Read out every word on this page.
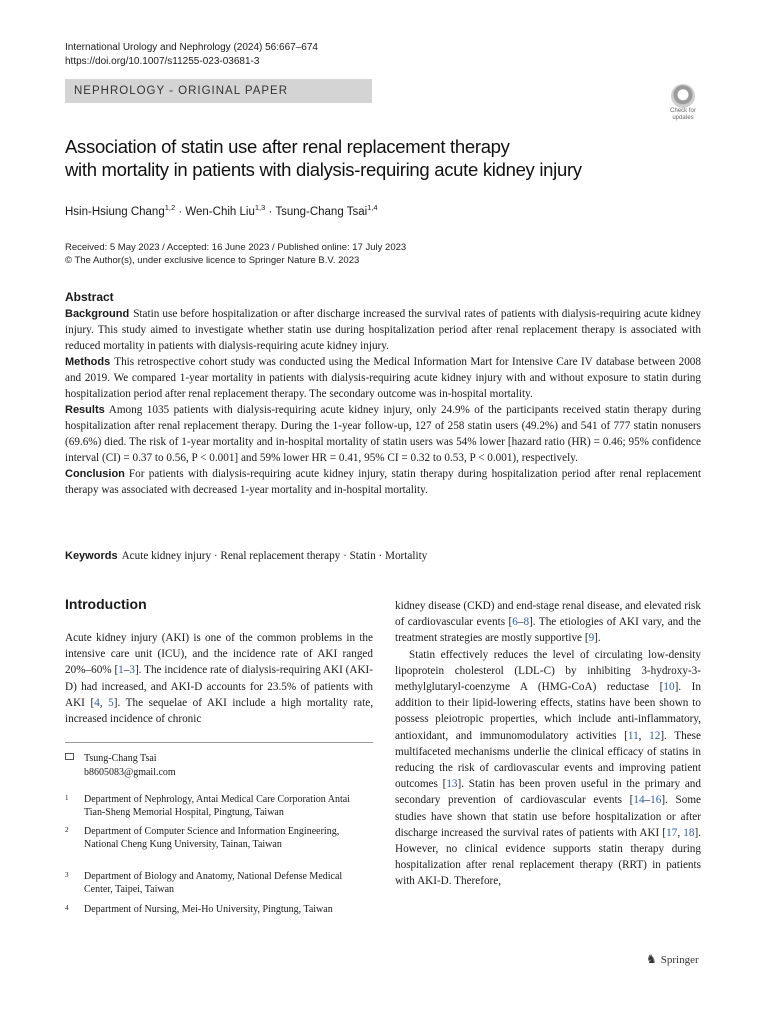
International Urology and Nephrology (2024) 56:667–674
https://doi.org/10.1007/s11255-023-03681-3
NEPHROLOGY - ORIGINAL PAPER
Check for
updates
Association of statin use after renal replacement therapy
with mortality in patients with dialysis-requiring acute kidney injury
Hsin-Hsiung Chang$^{1,2}$ · Wen-Chih Liu$^{1,3}$ · Tsung-Chang Tsai$^{1,4}$
Received: 5 May 2023 / Accepted: 16 June 2023 / Published online: 17 July 2023
© The Author(s), under exclusive licence to Springer Nature B.V. 2023
Abstract

Background Statin use before hospitalization or after discharge increased the survival rates of patients with dialysis-requiring acute kidney injury. This study aimed to investigate whether statin use during hospitalization period after renal replacement therapy is associated with reduced mortality in patients with dialysis-requiring acute kidney injury.

Methods This retrospective cohort study was conducted using the Medical Information Mart for Intensive Care IV database between 2008 and 2019. We compared 1-year mortality in patients with dialysis-requiring acute kidney injury with and without exposure to statin during hospitalization period after renal replacement therapy. The secondary outcome was in-hospital mortality.

Results Among 1035 patients with dialysis-requiring acute kidney injury, only 24.9% of the participants received statin therapy during hospitalization after renal replacement therapy. During the 1-year follow-up, 127 of 258 statin users (49.2%) and 541 of 777 statin nonusers (69.6%) died. The risk of 1-year mortality and in-hospital mortality of statin users was 54% lower [hazard ratio (HR) = 0.46; 95% confidence interval (CI) = 0.37 to 0.56, P < 0.001] and 59% lower HR = 0.41, 95% CI = 0.32 to 0.53, P < 0.001), respectively.

Conclusion For patients with dialysis-requiring acute kidney injury, statin therapy during hospitalization period after renal replacement therapy was associated with decreased 1-year mortality and in-hospital mortality.

Keywords Acute kidney injury · Renal replacement therapy · Statin · Mortality
Introduction

Acute kidney injury (AKI) is one of the common problems in the intensive care unit (ICU), and the incidence rate of AKI ranged 20%–60% [1–3]. The incidence rate of dialysis-requiring AKI (AKI-D) had increased, and AKI-D accounts for 23.5% of patients with AKI [4, 5]. The sequelae of AKI include a high mortality rate, increased incidence of chronic

kidney disease (CKD) and end-stage renal disease, and elevated risk of cardiovascular events [6–8]. The etiologies of AKI vary, and the treatment strategies are mostly supportive [9].

Statin effectively reduces the level of circulating low-density lipoprotein cholesterol (LDL-C) by inhibiting 3-hydroxy-3-methylglutaryl-coenzyme A (HMG-CoA) reductase [10]. In addition to their lipid-lowering effects, statins have been shown to possess pleiotropic properties, which include anti-inflammatory, antioxidant, and immunomodulatory activities [11, 12]. These multifaceted mechanisms underlie the clinical efficacy of statins in reducing the risk of cardiovascular events and improving patient outcomes [13]. Statin has been proven useful in the primary and secondary prevention of cardiovascular events [14–16]. Some studies have shown that statin use before hospitalization or after discharge increased the survival rates of patients with AKI [17, 18]. However, no clinical evidence supports statin therapy during hospitalization after renal replacement therapy (RRT) in patients with AKI-D. Therefore,

Tsung-Chang Tsai
b8605083@gmail.com
1 Department of Nephrology, Antai Medical Care Corporation Antai Tian-Sheng Memorial Hospital, Pingtung, Taiwan
2 Department of Computer Science and Information Engineering, National Cheng Kung University, Tainan, Taiwan
3 Department of Biology and Anatomy, National Defense Medical Center, Taipei, Taiwan
4 Department of Nursing, Mei-Ho University, Pingtung, Taiwan
♞ Springer
